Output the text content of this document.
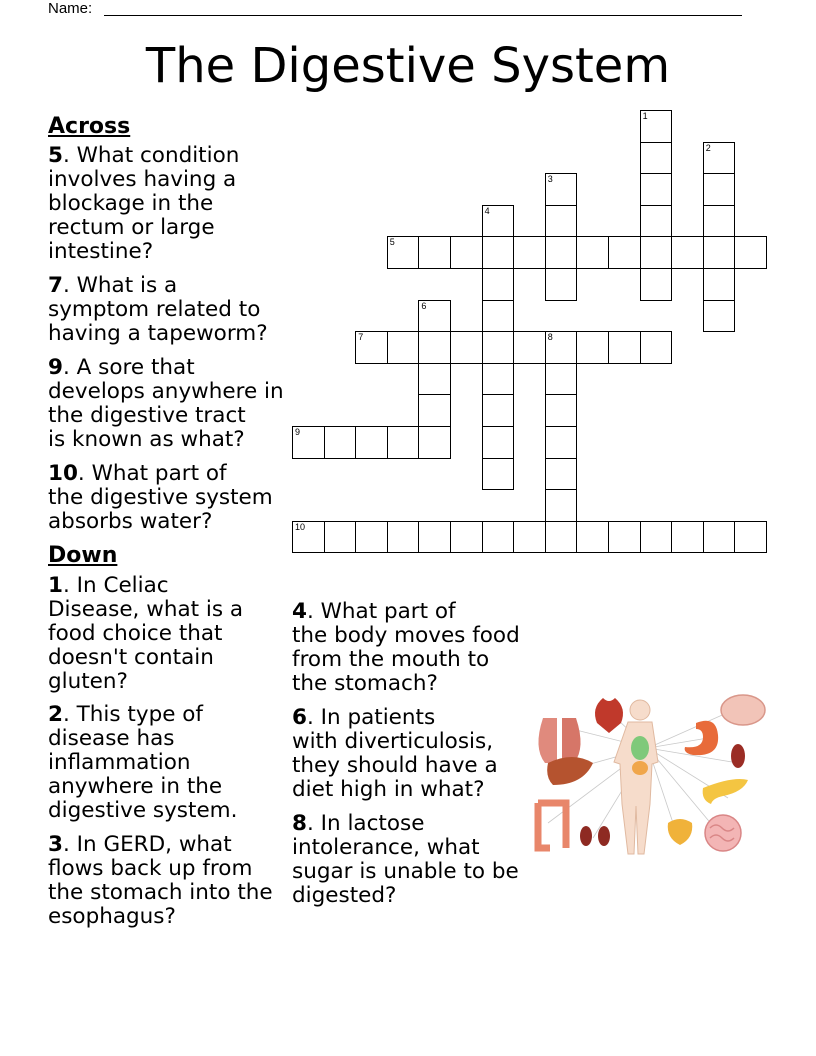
Name:
The Digestive System
Across
5. What condition
involves having a
blockage in the
rectum or large
intestine?
7. What is a
symptom related to
having a tapeworm?
9. A sore that
develops anywhere in
the digestive tract
is known as what?
10. What part of
the digestive system
absorbs water?
Down
1. In Celiac
Disease, what is a
food choice that
doesn't contain
gluten?
2. This type of
disease has
inflammation
anywhere in the
digestive system.
3. In GERD, what
flows back up from
the stomach into the
esophagus?
4. What part of
the body moves food
from the mouth to
the stomach?
6. In patients
with diverticulosis,
they should have a
diet high in what?
8. In lactose
intolerance, what
sugar is unable to be
digested?
1
2
3
4
5
6
7	8
9
10
